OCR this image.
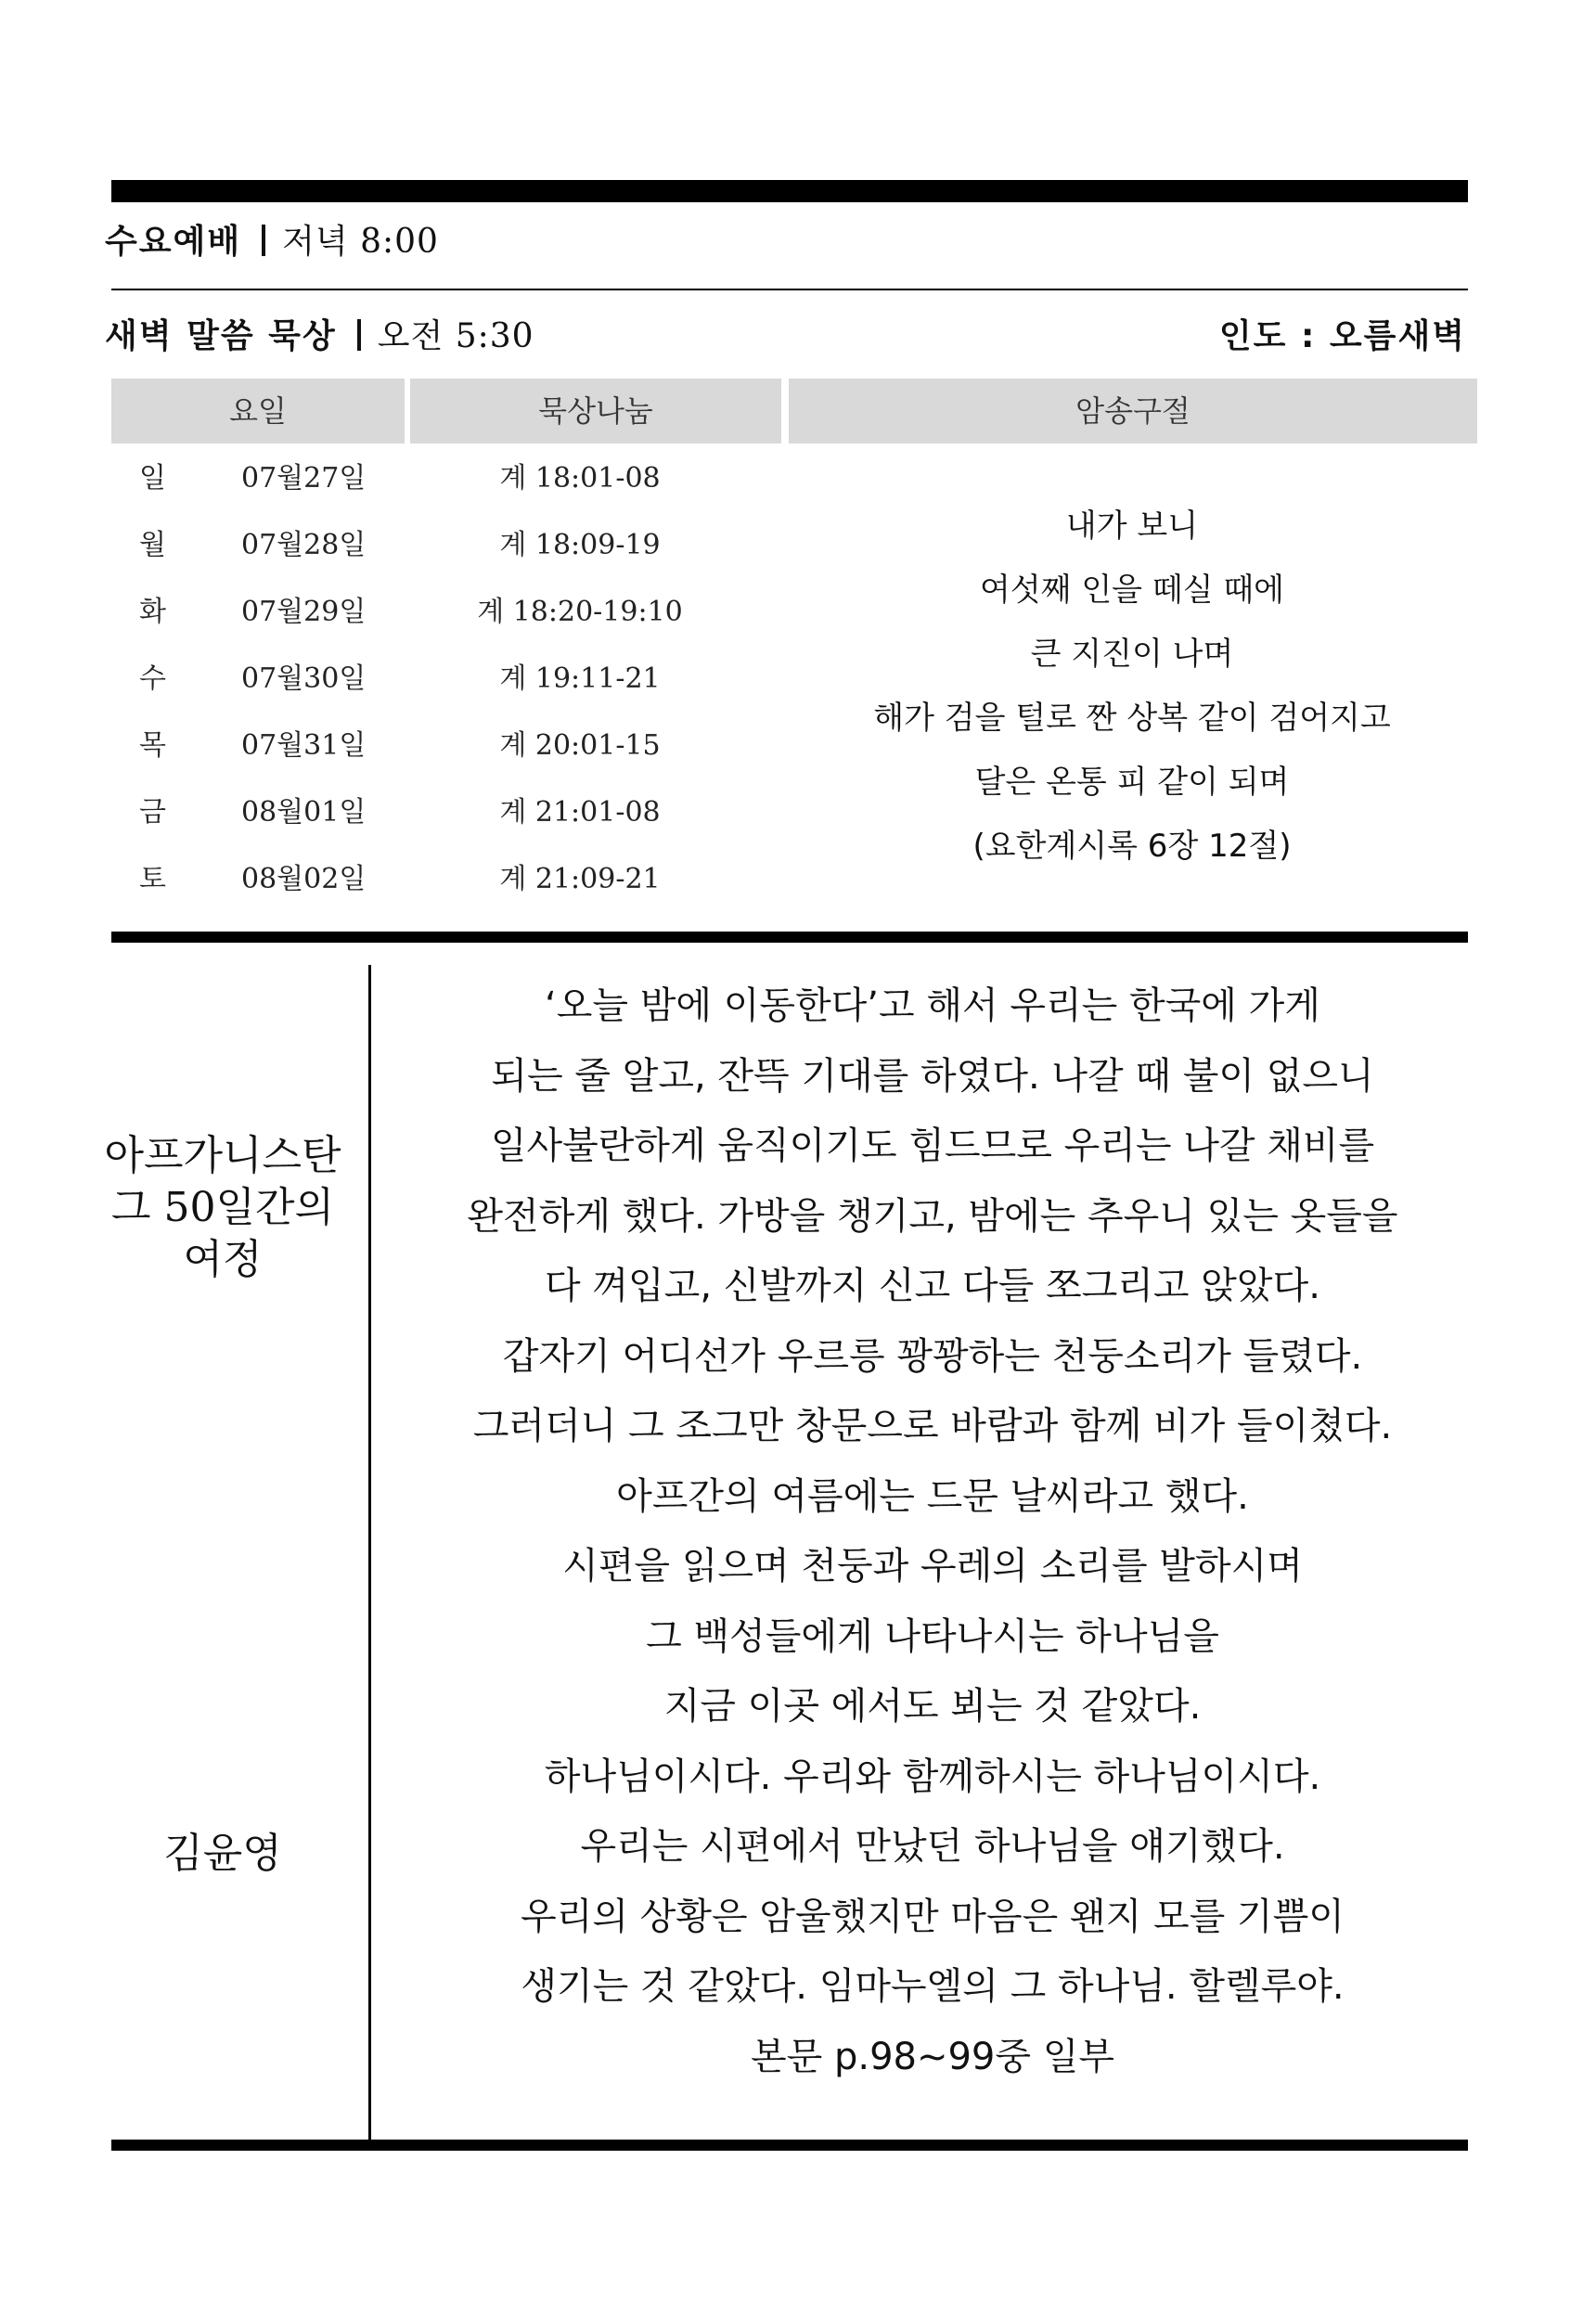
수요예배 저녁 8:00
새벽 말씀 묵상 오전 5:30	인도 : 오름새벽
요일	묵상나눔	암송구절
일	07월27일	계 18:01-08
월	07월28일	계 18:09-19
화	07월29일	계 18:20-19:10
수	07월30일	계 19:11-21
목	07월31일	계 20:01-15
금	08월01일	계 21:01-08
토	08월02일	계 21:09-21
내가 보니
여섯째 인을 떼실 때에
큰 지진이 나며
해가 검을 털로 짠 상복 같이 검어지고
달은 온통 피 같이 되며
(요한계시록 6장 12절)
아프가니스탄
그 50일간의
여정
김윤영
‘오늘 밤에 이동한다’고 해서 우리는 한국에 가게
되는 줄 알고, 잔뜩 기대를 하였다. 나갈 때 불이 없으니
일사불란하게 움직이기도 힘드므로 우리는 나갈 채비를
완전하게 했다. 가방을 챙기고, 밤에는 추우니 있는 옷들을
다 껴입고, 신발까지 신고 다들 쪼그리고 앉았다.
갑자기 어디선가 우르릉 꽝꽝하는 천둥소리가 들렸다.
그러더니 그 조그만 창문으로 바람과 함께 비가 들이쳤다.
아프간의 여름에는 드문 날씨라고 했다.
시편을 읽으며 천둥과 우레의 소리를 발하시며
그 백성들에게 나타나시는 하나님을
지금 이곳 에서도 뵈는 것 같았다.
하나님이시다. 우리와 함께하시는 하나님이시다.
우리는 시편에서 만났던 하나님을 얘기했다.
우리의 상황은 암울했지만 마음은 왠지 모를 기쁨이
생기는 것 같았다. 임마누엘의 그 하나님. 할렐루야.
본문 p.98~99중 일부
